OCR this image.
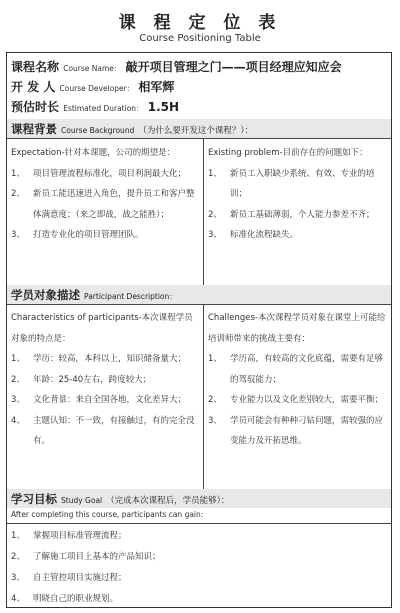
课 程 定 位 表
Course Positioning Table
课程名称 Course Name： 敲开项目管理之门——项目经理应知应会
开 发 人 Course Developer： 相军辉
预估时长 Estimated Duration： 1.5H
课程背景 Course Background （为什么要开发这个课程？）：
Expectation-针对本课题，公司的期望是：
1、 项目管理流程标准化，项目利润最大化；
2、 新员工能迅速进入角色，提升员工和客户整体满意度；（来之即战，战之能胜）；
3、 打造专业化的项目管理团队。
Existing problem-目前存在的问题如下：
1、 新员工入职缺少系统、有效、专业的培训；
2、 新员工基础薄弱，个人能力参差不齐；
3、 标准化流程缺失。
学员对象描述 Participant Description：
Characteristics of participants-本次课程学员对象的特点是：
1、 学历：较高，本科以上，知识储备量大；
2、 年龄：25-40左右，跨度较大；
3、 文化背景：来自全国各地，文化差异大；
4、 主题认知：不一致，有接触过，有的完全没有。
Challenges-本次课程学员对象在课堂上可能给培训师带来的挑战主要有：
1、 学历高，有较高的文化底蕴，需要有足够的驾驭能力；
2、 专业能力以及文化差别较大，需要平衡；
3、 学员可能会有种种刁钻问题，需较强的应变能力及开拓思维。
学习目标 Study Goal （完成本次课程后，学员能够）：
After completing this course, participants can gain:
1、 掌握项目标准管理流程；
2、 了解施工项目上基本的产品知识；
3、 自主管控项目实施过程；
4、 明晓自己的职业规划。
